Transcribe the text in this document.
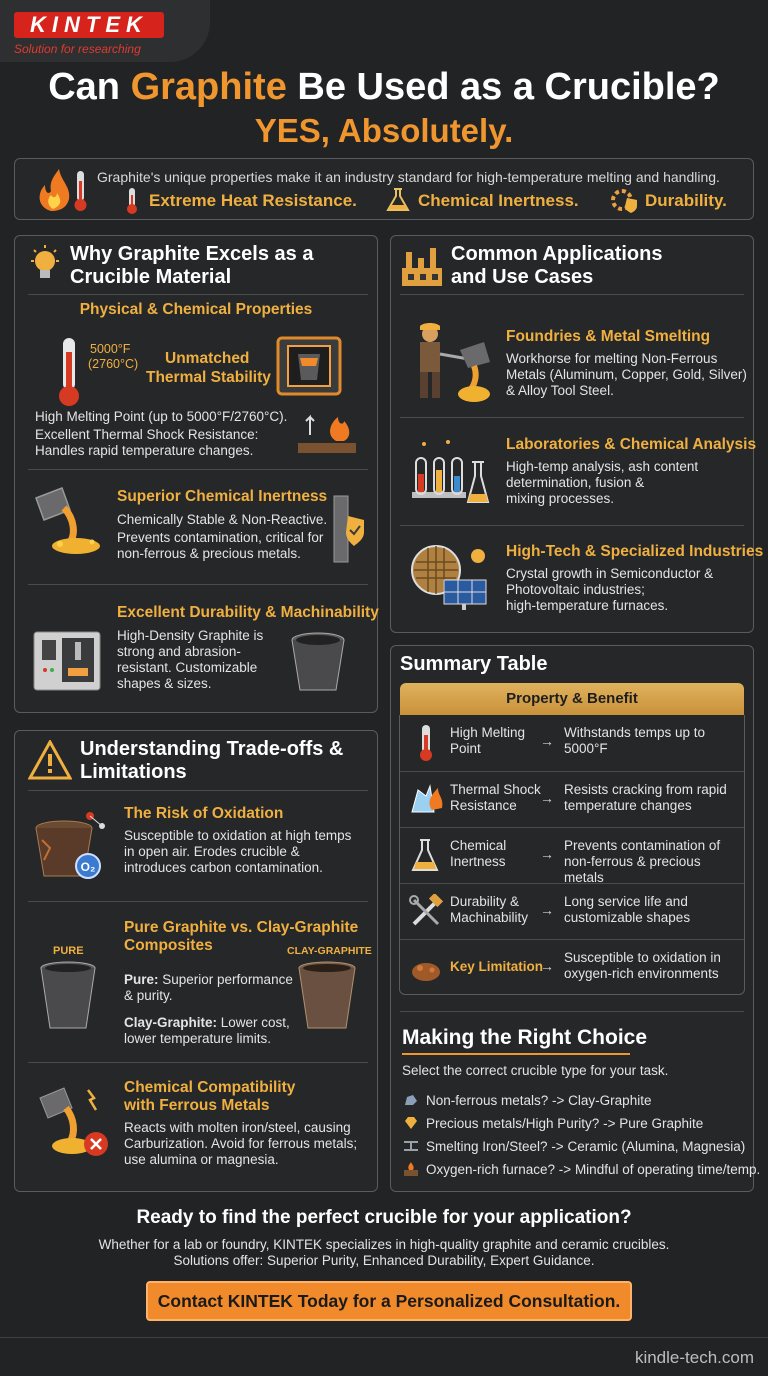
KINTEK
Solution for researching
Can Graphite Be Used as a Crucible?
YES, Absolutely.
Graphite's unique properties make it an industry standard for high-temperature melting and handling.
Extreme Heat Resistance.	Chemical Inertness.	Durability.
Why Graphite Excels as a
Crucible Material
Physical & Chemical Properties
5000°F
(2760°C) Unmatched
Thermal Stability
High Melting Point (up to 5000°F/2760°C).
Excellent Thermal Shock Resistance:
Handles rapid temperature changes.
Superior Chemical Inertness
Chemically Stable & Non-Reactive.
Prevents contamination, critical for
non-ferrous & precious metals.
Excellent Durability & Machinability
High-Density Graphite is
strong and abrasion-
resistant. Customizable
shapes & sizes.
Common Applications
and Use Cases
Foundries & Metal Smelting
Workhorse for melting Non-Ferrous
Metals (Aluminum, Copper, Gold, Silver)
& Alloy Tool Steel.
Laboratories & Chemical Analysis
High-temp analysis, ash content
determination, fusion &
mixing processes.
High-Tech & Specialized Industries
Crystal growth in Semiconductor &
Photovoltaic industries;
high-temperature furnaces.
Understanding Trade-offs &
Limitations
O₂
The Risk of Oxidation
Susceptible to oxidation at high temps
in open air. Erodes crucible &
introduces carbon contamination.
Pure Graphite vs. Clay-Graphite
Composites
PURE	CLAY-GRAPHITE
Pure: Superior performance
& purity.
Clay-Graphite: Lower cost,
lower temperature limits.
Chemical Compatibility
with Ferrous Metals
Reacts with molten iron/steel, causing
Carburization. Avoid for ferrous metals;
use alumina or magnesia.
Summary Table
Property & Benefit
High Melting
Point	→
Withstands temps up to
5000°F
Thermal Shock
Resistance	→
Resists cracking from rapid
temperature changes
Chemical
Inertness	→
Prevents contamination of
non-ferrous & precious metals
Durability &
Machinability →
Long service life and
customizable shapes
Key Limitation
→
Susceptible to oxidation in
oxygen-rich environments
Making the Right Choice
Select the correct crucible type for your task.
Non-ferrous metals? -> Clay-Graphite
Precious metals/High Purity? -> Pure Graphite
Smelting Iron/Steel? -> Ceramic (Alumina, Magnesia)
Oxygen-rich furnace? -> Mindful of operating time/temp.
Ready to find the perfect crucible for your application?
Whether for a lab or foundry, KINTEK specializes in high-quality graphite and ceramic crucibles.
Solutions offer: Superior Purity, Enhanced Durability, Expert Guidance.
Contact KINTEK Today for a Personalized Consultation.
kindle-tech.com
